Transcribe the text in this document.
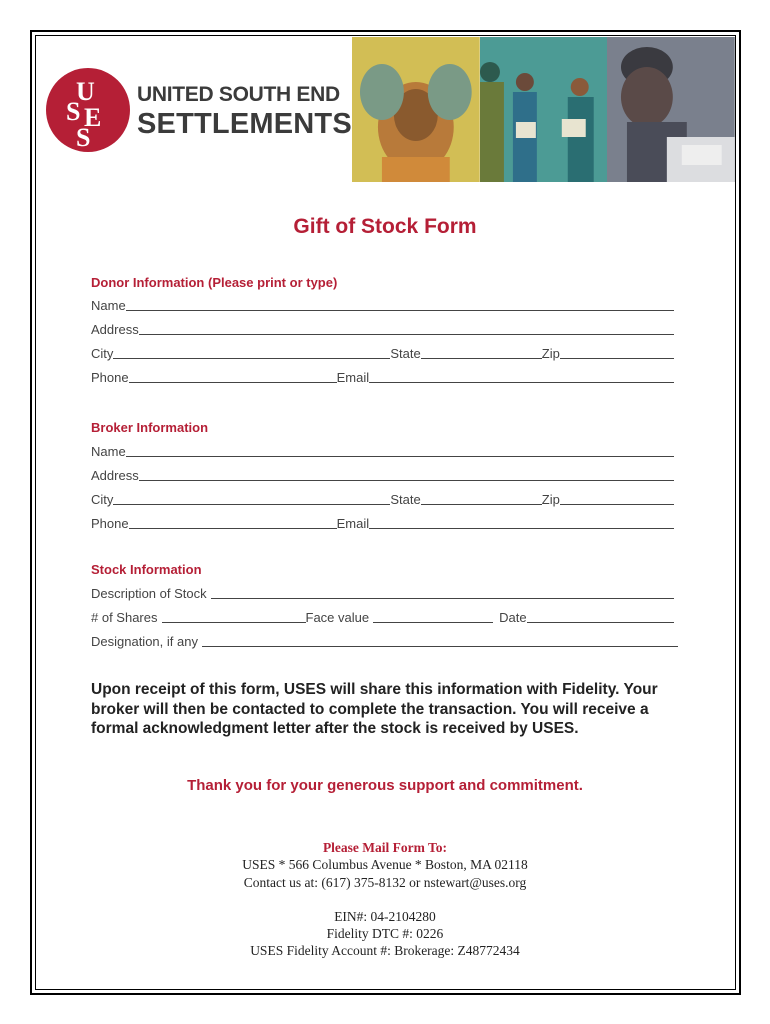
U
S E
S
UNITED SOUTH END
SETTLEMENTS
Gift of Stock Form
Donor Information (Please print or type)
Name
Address
City	State	Zip
Phone	Email
Broker Information
Name
Address
City	State	Zip
Phone	Email
Stock Information
Description of Stock
# of Shares	Face value	Date
Designation, if any
Upon receipt of this form, USES will share this information with Fidelity. Your broker will then be contacted to complete the transaction. You will receive a formal acknowledgment letter after the stock is received by USES.
Thank you for your generous support and commitment.
Please Mail Form To:
USES * 566 Columbus Avenue * Boston, MA 02118
Contact us at: (617) 375-8132 or nstewart@uses.org
EIN#: 04-2104280
Fidelity DTC #: 0226
USES Fidelity Account #: Brokerage: Z48772434
